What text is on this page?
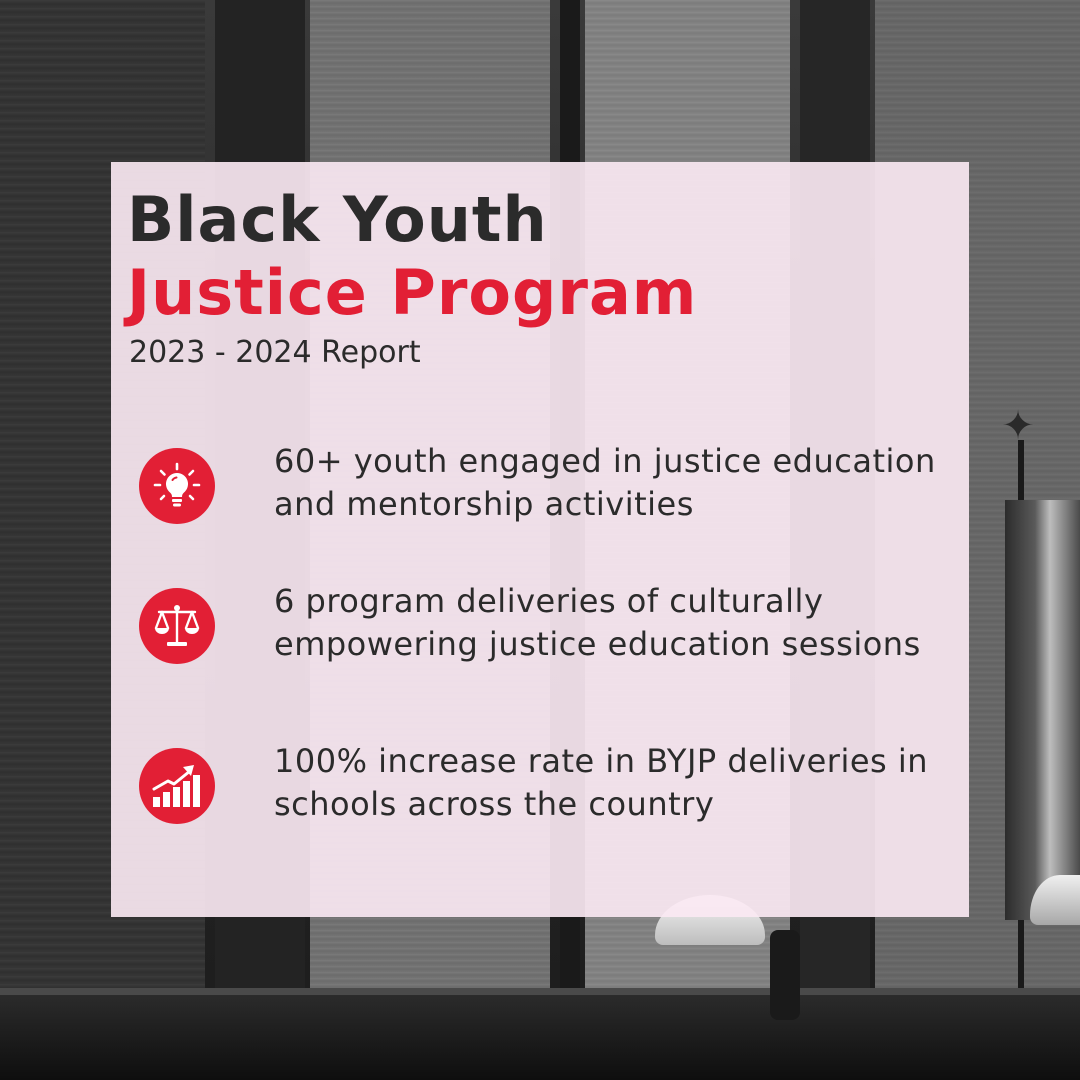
✦
Black Youth
Justice Program

2023 - 2024 Report

60+ youth engaged in justice education and mentorship activities

6 program deliveries of culturally empowering justice education sessions

100% increase rate in BYJP deliveries in schools across the country
